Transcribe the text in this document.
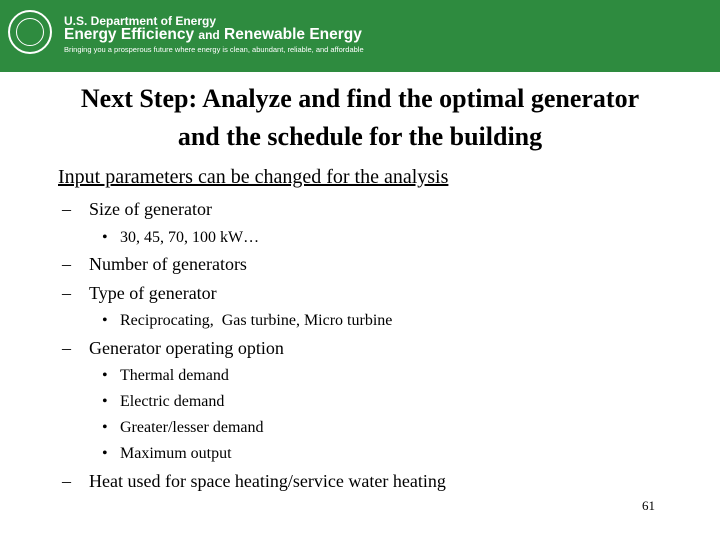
U.S. Department of Energy
Energy Efficiency and Renewable Energy
Bringing you a prosperous future where energy is clean, abundant, reliable, and affordable
Next Step: Analyze and find the optimal generator
and the schedule for the building
Input parameters can be changed for the analysis
– Size of generator
• 30, 45, 70, 100 kW…
– Number of generators
– Type of generator
• Reciprocating,  Gas turbine, Micro turbine
– Generator operating option
• Thermal demand
• Electric demand
• Greater/lesser demand
• Maximum output
– Heat used for space heating/service water heating
61
